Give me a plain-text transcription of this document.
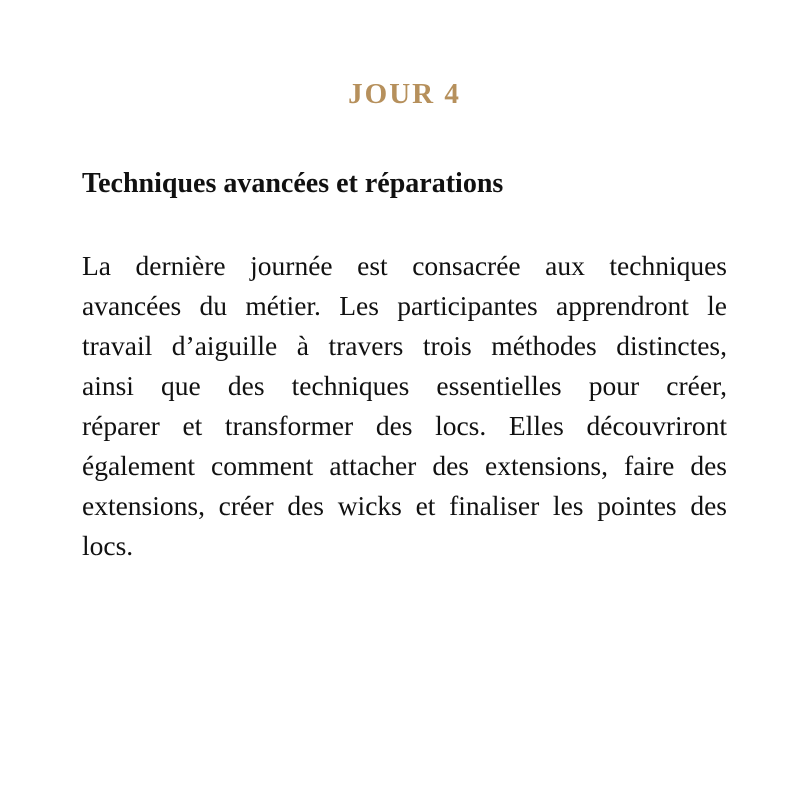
JOUR 4
Techniques avancées et réparations
La dernière journée est consacrée aux techniques
avancées du métier. Les participantes apprendront le
travail d’aiguille à travers trois méthodes distinctes,
ainsi que des techniques essentielles pour créer,
réparer et transformer des locs. Elles découvriront
également comment attacher des extensions, faire des
extensions, créer des wicks et finaliser les pointes des
locs.
